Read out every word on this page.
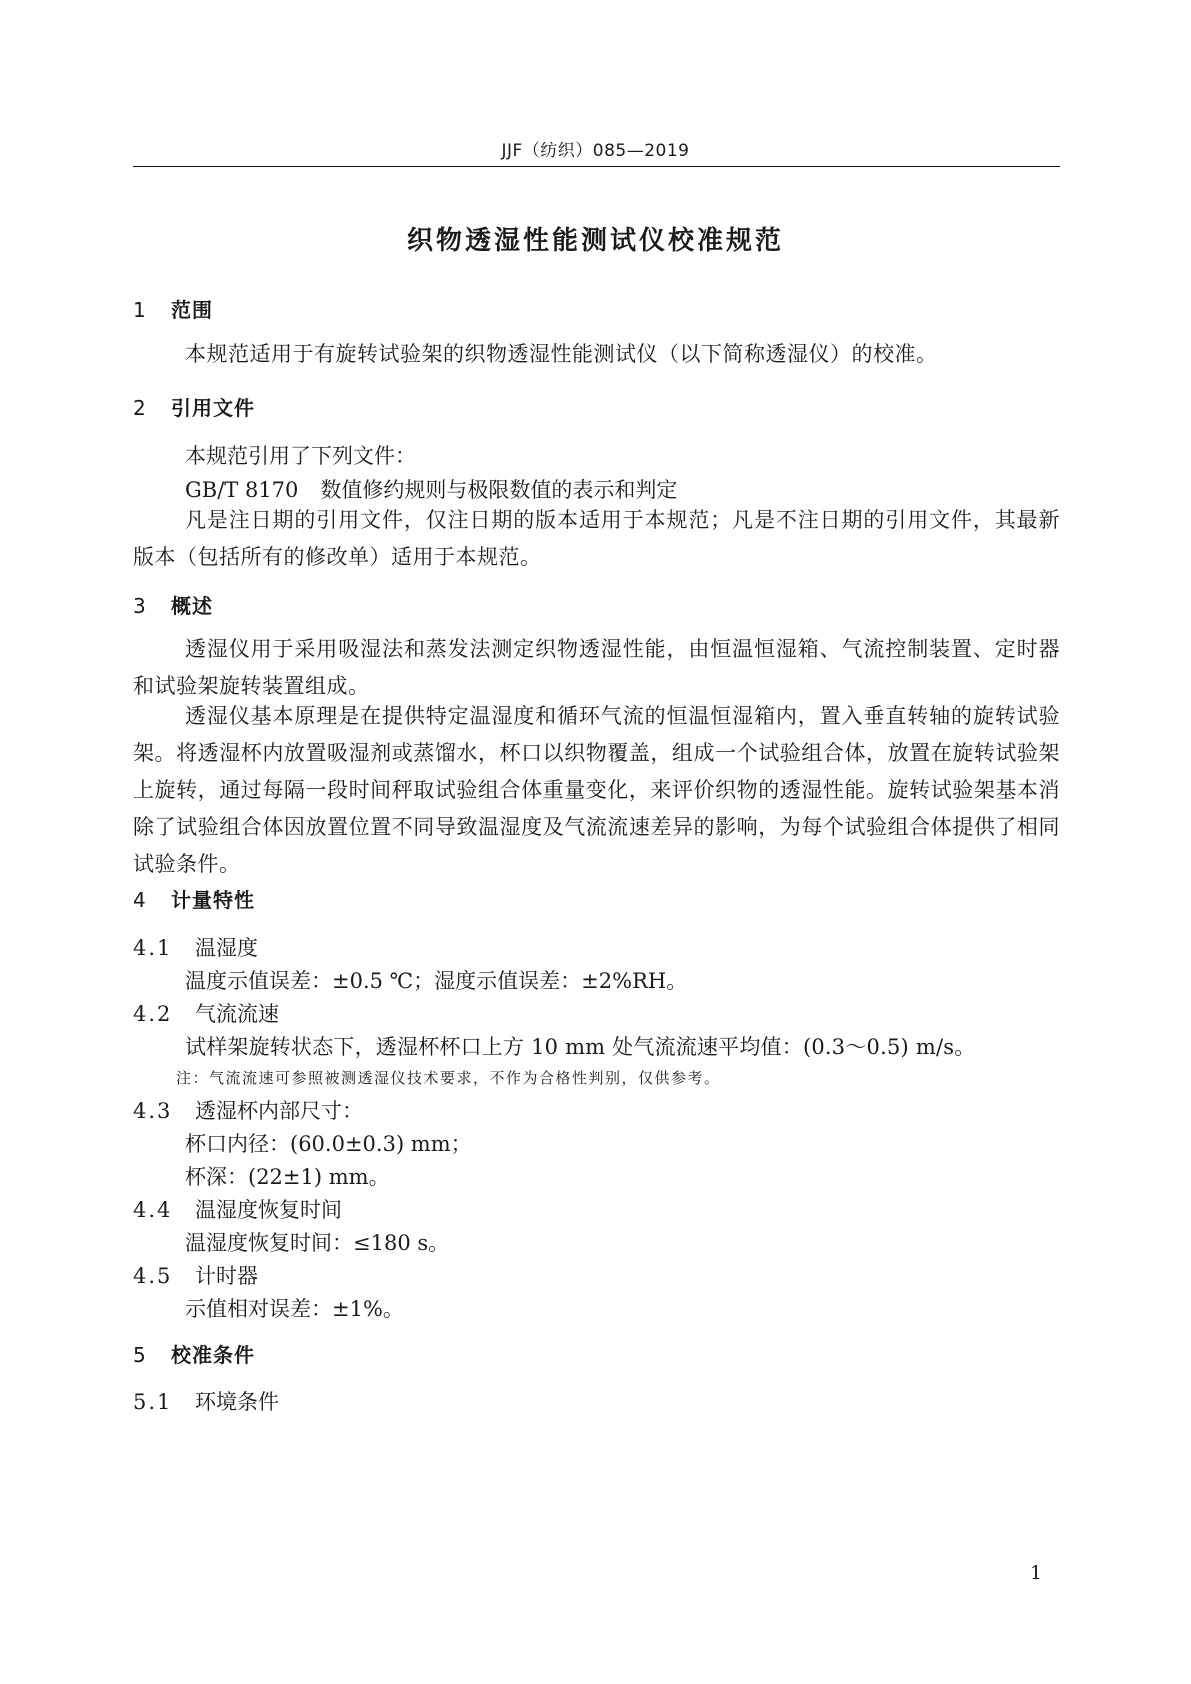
JJF（纺织）085—2019
织物透湿性能测试仪校准规范
1 范围

本规范适用于有旋转试验架的织物透湿性能测试仪（以下简称透湿仪）的校准。

2 引用文件
本规范引用了下列文件：
GB/T 8170 数值修约规则与极限数值的表示和判定

凡是注日期的引用文件，仅注日期的版本适用于本规范；凡是不注日期的引用文件，其最新版本（包括所有的修改单）适用于本规范。

3 概述

透湿仪用于采用吸湿法和蒸发法测定织物透湿性能，由恒温恒湿箱、气流控制装置、定时器和试验架旋转装置组成。

透湿仪基本原理是在提供特定温湿度和循环气流的恒温恒湿箱内，置入垂直转轴的旋转试验架。将透湿杯内放置吸湿剂或蒸馏水，杯口以织物覆盖，组成一个试验组合体，放置在旋转试验架上旋转，通过每隔一段时间秤取试验组合体重量变化，来评价织物的透湿性能。旋转试验架基本消除了试验组合体因放置位置不同导致温湿度及气流流速差异的影响，为每个试验组合体提供了相同试验条件。

4 计量特性
4.1 温湿度
温度示值误差：±0.5 ℃；湿度示值误差：±2%RH。
4.2 气流流速
试样架旋转状态下，透湿杯杯口上方 10 mm 处气流流速平均值：(0.3～0.5) m/s。
注：气流流速可参照被测透湿仪技术要求，不作为合格性判别，仅供参考。
4.3 透湿杯内部尺寸：
杯口内径：(60.0±0.3) mm；
杯深：(22±1) mm。
4.4 温湿度恢复时间
温湿度恢复时间：≤180 s。
4.5 计时器
示值相对误差：±1%。
5 校准条件
5.1 环境条件
1
